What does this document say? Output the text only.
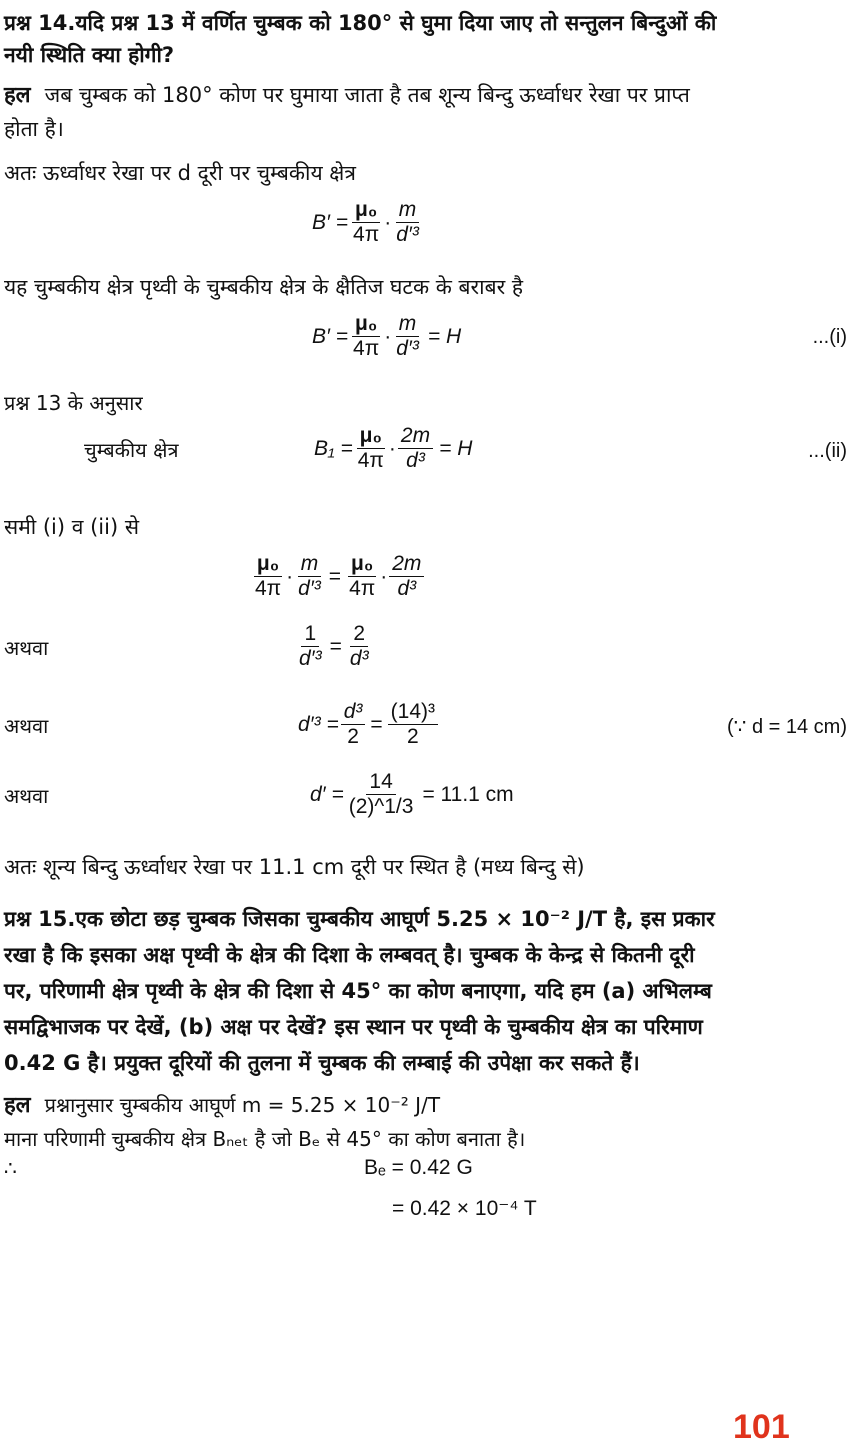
प्रश्न 14.यदि प्रश्न 13 में वर्णित चुम्बक को 180° से घुमा दिया जाए तो सन्तुलन बिन्दुओं की
नयी स्थिति क्या होगी?
हल जब चुम्बक को 180° कोण पर घुमाया जाता है तब शून्य बिन्दु ऊर्ध्वाधर रेखा पर प्राप्त
होता है।
अतः ऊर्ध्वाधर रेखा पर d दूरी पर चुम्बकीय क्षेत्र
$B' = \frac{\text{μ₀}}{4\pi} \cdot \frac{m}{\text{d′³}}$
यह चुम्बकीय क्षेत्र पृथ्वी के चुम्बकीय क्षेत्र के क्षैतिज घटक के बराबर है
$B' = \frac{\text{μ₀}}{4\pi} \cdot \frac{m}{\text{d′³}} = H$	...(i)
प्रश्न 13 के अनुसार
चुम्बकीय क्षेत्र	$B_1 = \frac{\text{μ₀}}{4\pi} \cdot \frac{2m}{\text{d³}} = H$	...(ii)
समी (i) व (ii) से
$\frac{\text{μ₀}}{4\pi} \cdot \frac{m}{\text{d′³}} = \frac{\text{μ₀}}{4\pi} \cdot \frac{2m}{\text{d³}}$
अथवा	$\frac{1}{\text{d′³}} = \frac{2}{\text{d³}}$
अथवा	$d'^3 = \frac{\text{d³}}{2} = \frac{\text{(14)³}}{2}$	(∵ d = 14 cm)
अथवा	$d' = \frac{14}{(2)\^{}1/3} = 11.1$ cm
अतः शून्य बिन्दु ऊर्ध्वाधर रेखा पर 11.1 cm दूरी पर स्थित है (मध्य बिन्दु से)
प्रश्न 15.एक छोटा छड़ चुम्बक जिसका चुम्बकीय आघूर्ण 5.25 × 10⁻² J/T है, इस प्रकार
रखा है कि इसका अक्ष पृथ्वी के क्षेत्र की दिशा के लम्बवत् है। चुम्बक के केन्द्र से कितनी दूरी
पर, परिणामी क्षेत्र पृथ्वी के क्षेत्र की दिशा से 45° का कोण बनाएगा, यदि हम (a) अभिलम्ब
समद्विभाजक पर देखें, (b) अक्ष पर देखें? इस स्थान पर पृथ्वी के चुम्बकीय क्षेत्र का परिमाण
0.42 G है। प्रयुक्त दूरियों की तुलना में चुम्बक की लम्बाई की उपेक्षा कर सकते हैं।
हल प्रश्नानुसार चुम्बकीय आघूर्ण m = 5.25 × 10⁻² J/T
माना परिणामी चुम्बकीय क्षेत्र Bₙₑₜ है जो Bₑ से 45° का कोण बनाता है।
∴	Bₑ = 0.42 G
= 0.42 × 10⁻⁴ T
101
